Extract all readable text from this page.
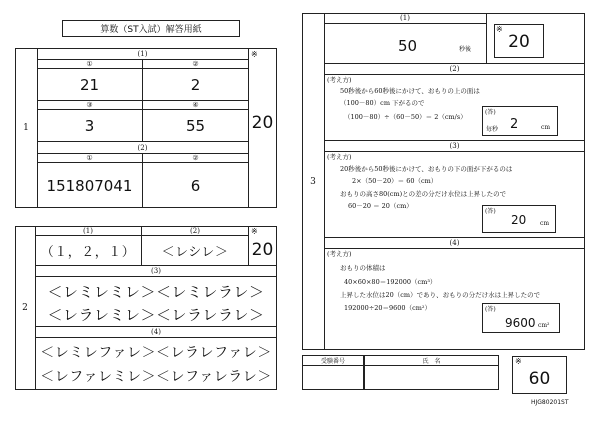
算数（ST入試）解答用紙
1
(1)
①	②
21	2
③	④
3	55
(2)
①	②
151807041	6
※
20
2
(1)	(2)
（１，２，１）	＜レシレ＞
※
20
(3)
＜レミレミレ＞＜レミレラレ＞
＜レラレミレ＞＜レラレラレ＞
(4)
＜レミレファレ＞＜レラレファレ＞
＜レファレミレ＞＜レファレラレ＞
3
(1)
50	秒後
※
20
(2)
(考え方)
50秒後から60秒後にかけて、おもりの上の面は
（100－80）cm 下がるので
（100－80）÷（60－50）＝ 2（cm/s）
(答)
毎秒 2	cm
(3)
(考え方)
20秒後から50秒後にかけて、おもりの下の面が下がるのは
2×（50－20）＝ 60（cm）
おもりの高さ80(cm)との差の分だけ水位は上昇したので
60－20 ＝ 20（cm）
(答)
20 cm
(4)
(考え方)
おもりの体積は
40×60×80＝192000（cm³）
上昇した水位は20（cm）であり、おもりの分だけ水は上昇したので
192000÷20＝9600（cm²）	(答)
9600 cm²
受験番号	氏　名	※
60
HJG80201ST
